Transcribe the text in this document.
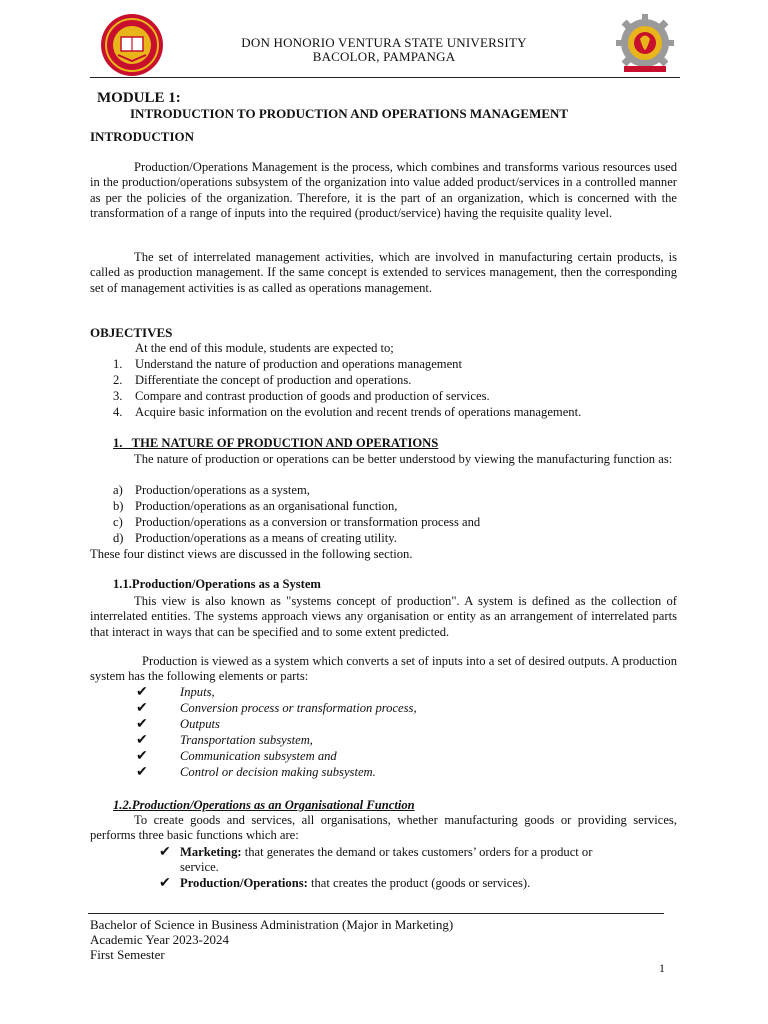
DON HONORIO VENTURA STATE UNIVERSITY
BACOLOR, PAMPANGA
MODULE 1:
INTRODUCTION TO PRODUCTION AND OPERATIONS MANAGEMENT
INTRODUCTION
Production/Operations Management is the process, which combines and transforms various resources used in the production/operations subsystem of the organization into value added product/services in a controlled manner as per the policies of the organization. Therefore, it is the part of an organization, which is concerned with the transformation of a range of inputs into the required (product/service) having the requisite quality level.
The set of interrelated management activities, which are involved in manufacturing certain products, is called as production management. If the same concept is extended to services management, then the corresponding set of management activities is as called as operations management.
OBJECTIVES
At the end of this module, students are expected to;
1. Understand the nature of production and operations management
2. Differentiate the concept of production and operations.
3. Compare and contrast production of goods and production of services.
4. Acquire basic information on the evolution and recent trends of operations management.
1.   THE NATURE OF PRODUCTION AND OPERATIONS
The nature of production or operations can be better understood by viewing the manufacturing function as:
a) Production/operations as a system,
b) Production/operations as an organisational function,
c) Production/operations as a conversion or transformation process and
d) Production/operations as a means of creating utility.
These four distinct views are discussed in the following section.
1.1.Production/Operations as a System
This view is also known as "systems concept of production". A system is defined as the collection of interrelated entities. The systems approach views any organisation or entity as an arrangement of interrelated parts that interact in ways that can be specified and to some extent predicted.
Production is viewed as a system which converts a set of inputs into a set of desired outputs. A production system has the following elements or parts:
✔	Inputs,
✔	Conversion process or transformation process,
✔	Outputs
✔	Transportation subsystem,
✔	Communication subsystem and
✔	Control or decision making subsystem.
1.2.Production/Operations as an Organisational Function
To create goods and services, all organisations, whether manufacturing goods or providing services, performs three basic functions which are:
✔ Marketing: that generates the demand or takes customers’ orders for a product or
service.
✔ Production/Operations: that creates the product (goods or services).
Bachelor of Science in Business Administration (Major in Marketing)
Academic Year 2023-2024
First Semester
1
